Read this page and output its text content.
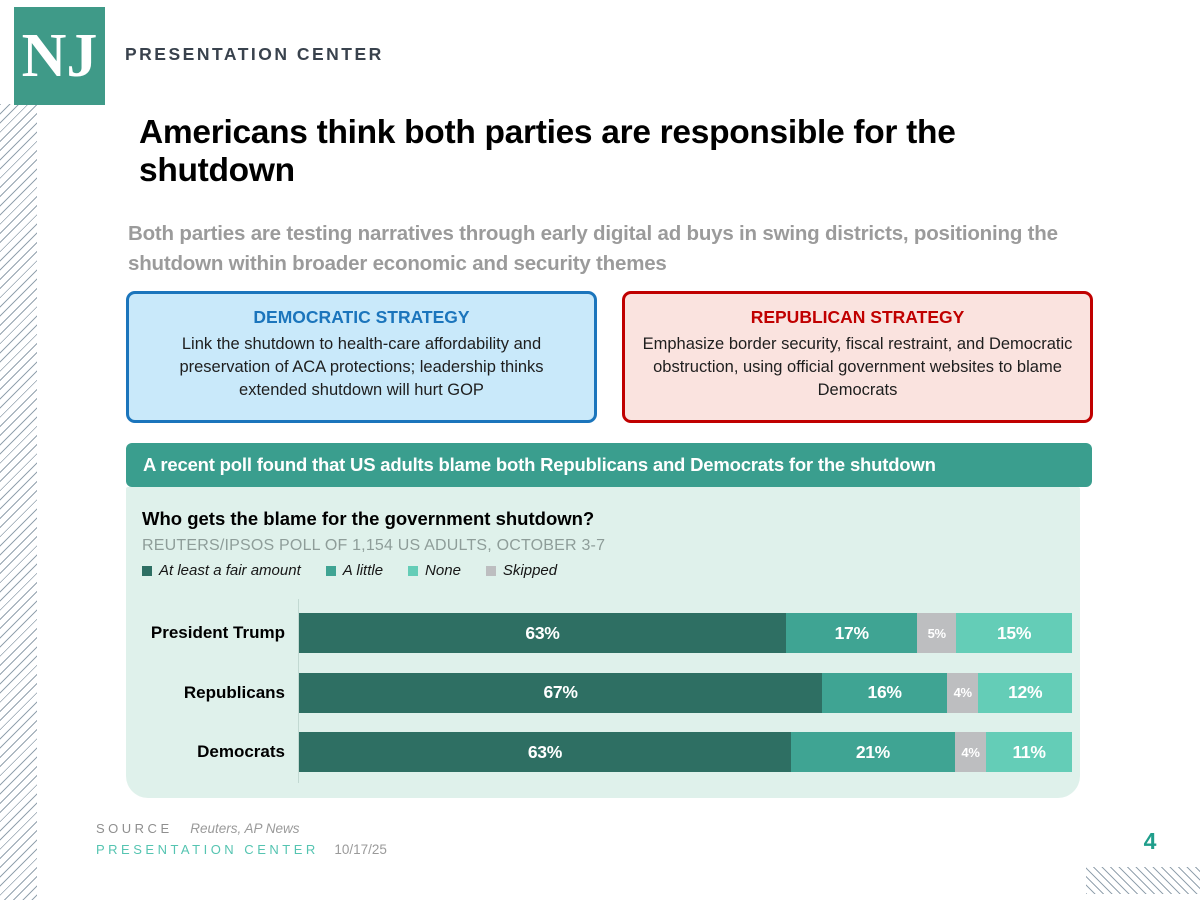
NJ PRESENTATION CENTER
Americans think both parties are responsible for the shutdown
Both parties are testing narratives through early digital ad buys in swing districts, positioning the shutdown within broader economic and security themes
DEMOCRATIC STRATEGY
Link the shutdown to health-care affordability and preservation of ACA protections; leadership thinks extended shutdown will hurt GOP
REPUBLICAN STRATEGY
Emphasize border security, fiscal restraint, and Democratic obstruction, using official government websites to blame Democrats
A recent poll found that US adults blame both Republicans and Democrats for the shutdown
Who gets the blame for the government shutdown?
REUTERS/IPSOS POLL OF 1,154 US ADULTS, OCTOBER 3-7
At least a fair amount	A little	None	Skipped
President Trump	63%	17%	5%	15%
Republicans	67%	16%	4%	12%
Democrats	63%	21%	4%	11%
SOURCE Reuters, AP News
PRESENTATION CENTER 10/17/25	4
